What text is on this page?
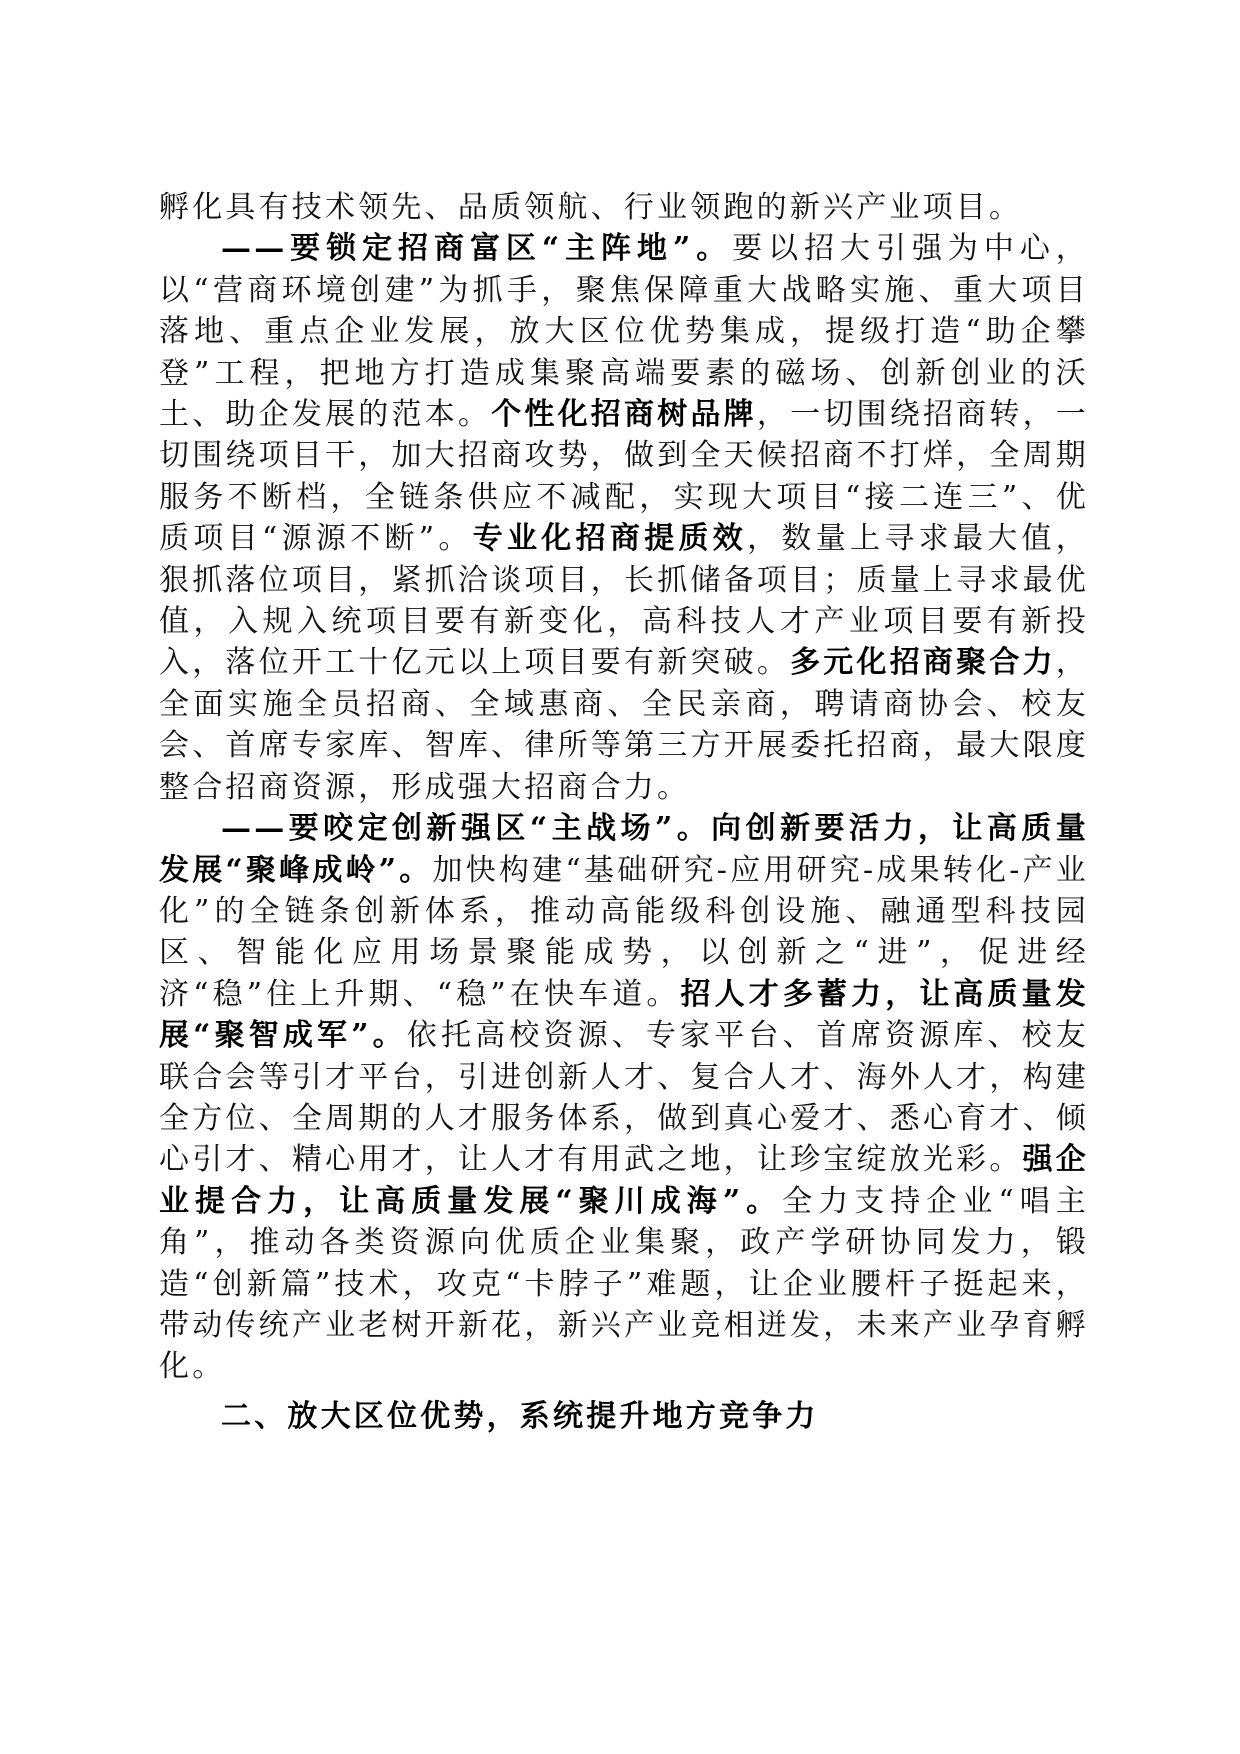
孵化具有技术领先、品质领航、行业领跑的新兴产业项目。

——要锁定招商富区“主阵地”。要以招大引强为中心，以“营商环境创建”为抓手，聚焦保障重大战略实施、重大项目落地、重点企业发展，放大区位优势集成，提级打造“助企攀登”工程，把地方打造成集聚高端要素的磁场、创新创业的沃土、助企发展的范本。个性化招商树品牌，一切围绕招商转，一切围绕项目干，加大招商攻势，做到全天候招商不打烊，全周期服务不断档，全链条供应不减配，实现大项目“接二连三”、优质项目“源源不断”。专业化招商提质效，数量上寻求最大值，狠抓落位项目，紧抓洽谈项目，长抓储备项目；质量上寻求最优值，入规入统项目要有新变化，高科技人才产业项目要有新投入，落位开工十亿元以上项目要有新突破。多元化招商聚合力，全面实施全员招商、全域惠商、全民亲商，聘请商协会、校友会、首席专家库、智库、律所等第三方开展委托招商，最大限度整合招商资源，形成强大招商合力。

——要咬定创新强区“主战场”。向创新要活力，让高质量发展“聚峰成岭”。加快构建“基础研究-应用研究-成果转化-产业化”的全链条创新体系，推动高能级科创设施、融通型科技园区、智能化应用场景聚能成势，以创新之“进”，促进经济“稳”住上升期、“稳”在快车道。招人才多蓄力，让高质量发展“聚智成军”。依托高校资源、专家平台、首席资源库、校友联合会等引才平台，引进创新人才、复合人才、海外人才，构建全方位、全周期的人才服务体系，做到真心爱才、悉心育才、倾心引才、精心用才，让人才有用武之地，让珍宝绽放光彩。强企业提合力，让高质量发展“聚川成海”。全力支持企业“唱主角”，推动各类资源向优质企业集聚，政产学研协同发力，锻造“创新篇”技术，攻克“卡脖子”难题，让企业腰杆子挺起来，带动传统产业老树开新花，新兴产业竞相迸发，未来产业孕育孵化。

二、放大区位优势，系统提升地方竞争力
